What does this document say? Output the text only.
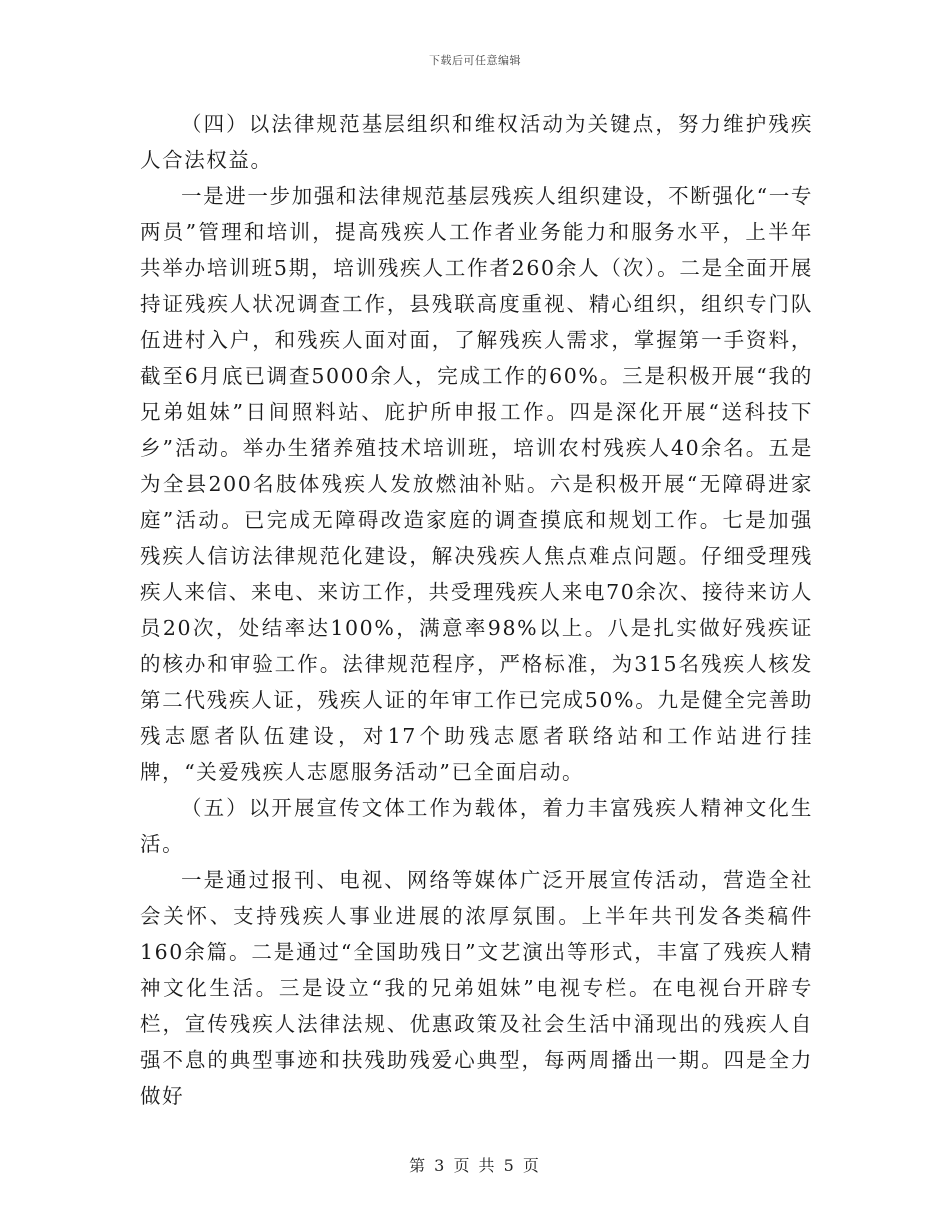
下载后可任意编辑

（四）以法律规范基层组织和维权活动为关键点，努力维护残疾人合法权益。

一是进一步加强和法律规范基层残疾人组织建设，不断强化“一专两员”管理和培训，提高残疾人工作者业务能力和服务水平，上半年共举办培训班5期，培训残疾人工作者260余人（次）。二是全面开展持证残疾人状况调查工作，县残联高度重视、精心组织，组织专门队伍进村入户，和残疾人面对面，了解残疾人需求，掌握第一手资料，截至6月底已调查5000余人，完成工作的60%。三是积极开展“我的兄弟姐妹”日间照料站、庇护所申报工作。四是深化开展“送科技下乡”活动。举办生猪养殖技术培训班，培训农村残疾人40余名。五是为全县200名肢体残疾人发放燃油补贴。六是积极开展“无障碍进家庭”活动。已完成无障碍改造家庭的调查摸底和规划工作。七是加强残疾人信访法律规范化建设，解决残疾人焦点难点问题。仔细受理残疾人来信、来电、来访工作，共受理残疾人来电70余次、接待来访人员20次，处结率达100%，满意率98%以上。八是扎实做好残疾证的核办和审验工作。法律规范程序，严格标准，为315名残疾人核发第二代残疾人证，残疾人证的年审工作已完成50%。九是健全完善助残志愿者队伍建设，对17个助残志愿者联络站和工作站进行挂牌，“关爱残疾人志愿服务活动”已全面启动。

（五）以开展宣传文体工作为载体，着力丰富残疾人精神文化生活。

一是通过报刊、电视、网络等媒体广泛开展宣传活动，营造全社会关怀、支持残疾人事业进展的浓厚氛围。上半年共刊发各类稿件160余篇。二是通过“全国助残日”文艺演出等形式，丰富了残疾人精神文化生活。三是设立“我的兄弟姐妹”电视专栏。在电视台开辟专栏，宣传残疾人法律法规、优惠政策及社会生活中涌现出的残疾人自强不息的典型事迹和扶残助残爱心典型，每两周播出一期。四是全力做好

第 3 页 共 5 页
